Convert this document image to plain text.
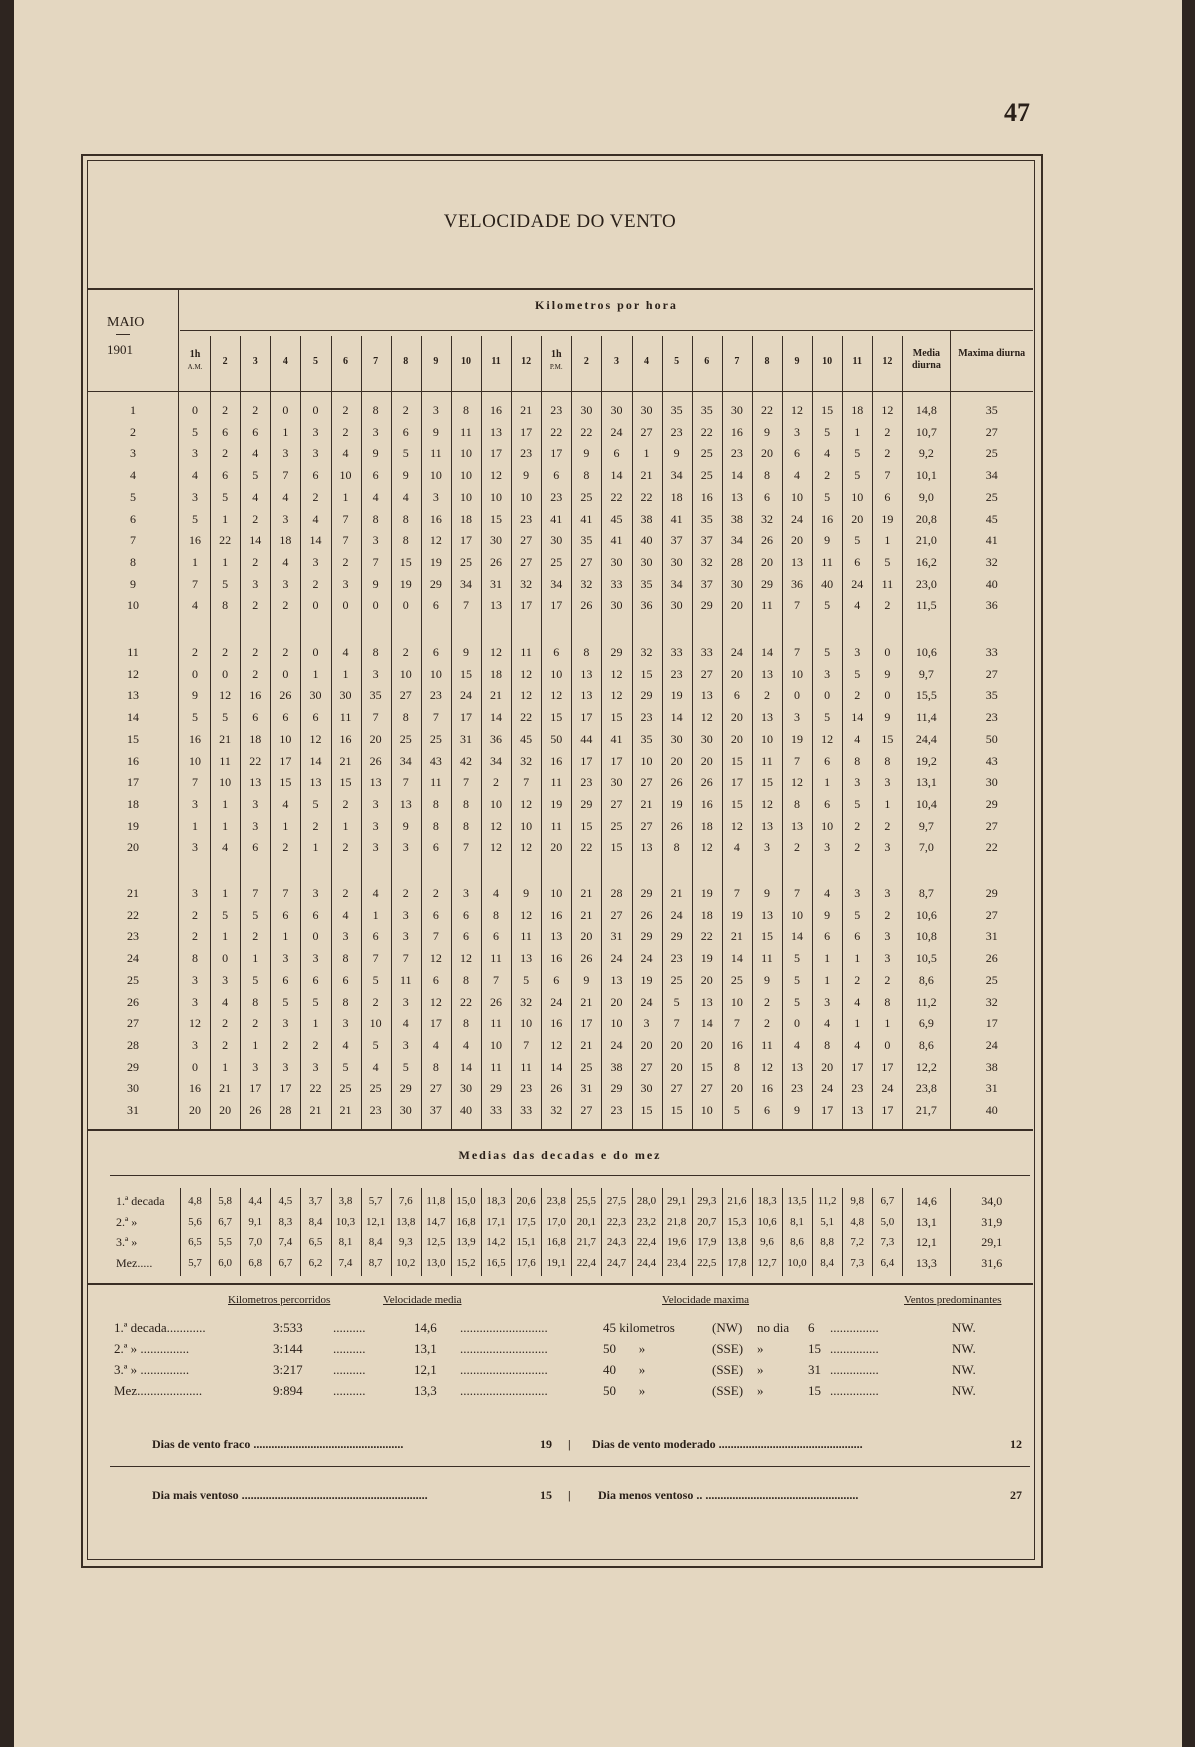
47
VELOCIDADE DO VENTO
Kilometros por hora
MAIO
1901	1h
A.M.	2	3	4	5	6	7	8	9	10	11	12
1h
P.M.	2	3	4	5	6	7	8	9	10	11	12
Media diurna
Maxima diurna
1	0	2	2	0	0	2	8	2	3	8	16	21	23	30	30	30	35	35	30	22	12	15	18	12	14,8	35
2	5	6	6	1	3	2	3	6	9	11	13	17	22	22	24	27	23	22	16	9	3	5	1	2	10,7	27
3	3	2	4	3	3	4	9	5	11	10	17	23	17	9	6	1	9	25	23	20	6	4	5	2	9,2	25
4	4	6	5	7	6	10	6	9	10	10	12	9	6	8	14	21	34	25	14	8	4	2	5	7	10,1	34
5	3	5	4	4	2	1	4	4	3	10	10	10	23	25	22	22	18	16	13	6	10	5	10	6	9,0	25
6	5	1	2	3	4	7	8	8	16	18	15	23	41	41	45	38	41	35	38	32	24	16	20	19	20,8	45
7	16	22	14	18	14	7	3	8	12	17	30	27	30	35	41	40	37	37	34	26	20	9	5	1	21,0	41
8	1	1	2	4	3	2	7	15	19	25	26	27	25	27	30	30	30	32	28	20	13	11	6	5	16,2	32
9	7	5	3	3	2	3	9	19	29	34	31	32	34	32	33	35	34	37	30	29	36	40	24	11	23,0	40
10	4	8	2	2	0	0	0	0	6	7	13	17	17	26	30	36	30	29	20	11	7	5	4	2	11,5	36
11	2	2	2	2	0	4	8	2	6	9	12	11	6	8	29	32	33	33	24	14	7	5	3	0	10,6	33
12	0	0	2	0	1	1	3	10	10	15	18	12	10	13	12	15	23	27	20	13	10	3	5	9	9,7	27
13	9	12	16	26	30	30	35	27	23	24	21	12	12	13	12	29	19	13	6	2	0	0	2	0	15,5	35
14	5	5	6	6	6	11	7	8	7	17	14	22	15	17	15	23	14	12	20	13	3	5	14	9	11,4	23
15	16	21	18	10	12	16	20	25	25	31	36	45	50	44	41	35	30	30	20	10	19	12	4	15	24,4	50
16	10	11	22	17	14	21	26	34	43	42	34	32	16	17	17	10	20	20	15	11	7	6	8	8	19,2	43
17	7	10	13	15	13	15	13	7	11	7	2	7	11	23	30	27	26	26	17	15	12	1	3	3	13,1	30
18	3	1	3	4	5	2	3	13	8	8	10	12	19	29	27	21	19	16	15	12	8	6	5	1	10,4	29
19	1	1	3	1	2	1	3	9	8	8	12	10	11	15	25	27	26	18	12	13	13	10	2	2	9,7	27
20	3	4	6	2	1	2	3	3	6	7	12	12	20	22	15	13	8	12	4	3	2	3	2	3	7,0	22
21	3	1	7	7	3	2	4	2	2	3	4	9	10	21	28	29	21	19	7	9	7	4	3	3	8,7	29
22	2	5	5	6	6	4	1	3	6	6	8	12	16	21	27	26	24	18	19	13	10	9	5	2	10,6	27
23	2	1	2	1	0	3	6	3	7	6	6	11	13	20	31	29	29	22	21	15	14	6	6	3	10,8	31
24	8	0	1	3	3	8	7	7	12	12	11	13	16	26	24	24	23	19	14	11	5	1	1	3	10,5	26
25	3	3	5	6	6	6	5	11	6	8	7	5	6	9	13	19	25	20	25	9	5	1	2	2	8,6	25
26	3	4	8	5	5	8	2	3	12	22	26	32	24	21	20	24	5	13	10	2	5	3	4	8	11,2	32
27	12	2	2	3	1	3	10	4	17	8	11	10	16	17	10	3	7	14	7	2	0	4	1	1	6,9	17
28	3	2	1	2	2	4	5	3	4	4	10	7	12	21	24	20	20	20	16	11	4	8	4	0	8,6	24
29	0	1	3	3	3	5	4	5	8	14	11	11	14	25	38	27	20	15	8	12	13	20	17	17	12,2	38
30	16	21	17	17	22	25	25	29	27	30	29	23	26	31	29	30	27	27	20	16	23	24	23	24	23,8	31
31	20	20	26	28	21	21	23	30	37	40	33	33	32	27	23	15	15	10	5	6	9	17	13	17	21,7	40
Medias das decadas e do mez
1.ª decada	4,8	5,8	4,4	4,5	3,7	3,8	5,7	7,6	11,8	15,0 18,3 20,6 23,8 25,5 27,5 28,0 29,1 29,3 21,6 18,3 13,5	11,2	9,8	6,7	14,6	34,0
2.ª »	5,6	6,7	9,1	8,3	8,4	10,3 12,1 13,8 14,7 16,8 17,1 17,5 17,0 20,1 22,3 23,2 21,8 20,7 15,3 10,6	8,1	5,1	4,8	5,0	13,1	31,9
3.ª »	6,5	5,5	7,0	7,4	6,5	8,1	8,4	9,3	12,5 13,9 14,2 15,1 16,8 21,7 24,3 22,4 19,6 17,9 13,8	9,6	8,6	8,8	7,2	7,3	12,1	29,1
Mez.....	5,7	6,0	6,8	6,7	6,2	7,4	8,7	10,2 13,0 15,2 16,5 17,6 19,1 22,4 24,7 24,4 23,4 22,5 17,8 12,7 10,0	8,4	7,3	6,4	13,3	31,6
Kilometros percorridos	Velocidade media	Velocidade maxima	Ventos predominantes
1.ª decada............	3:533 ..........	14,6 ...........................	45 kilometros	(NW) no dia 6 ...............	NW.
2.ª » ...............	3:144 ..........	13,1 ...........................	50       »	(SSE) »	15 ...............	NW.
3.ª » ...............	3:217 ..........	12,1 ...........................	40       »	(SSE) »	31 ...............	NW.
Mez....................	9:894 ..........	13,3 ...........................	50       »	(SSE) »	15 ...............	NW.
Dias de vento fraco ..................................................	19 | Dias de vento moderado ................................................	12
Dia mais ventoso ..............................................................	15 | Dia menos ventoso .. ...................................................	27
